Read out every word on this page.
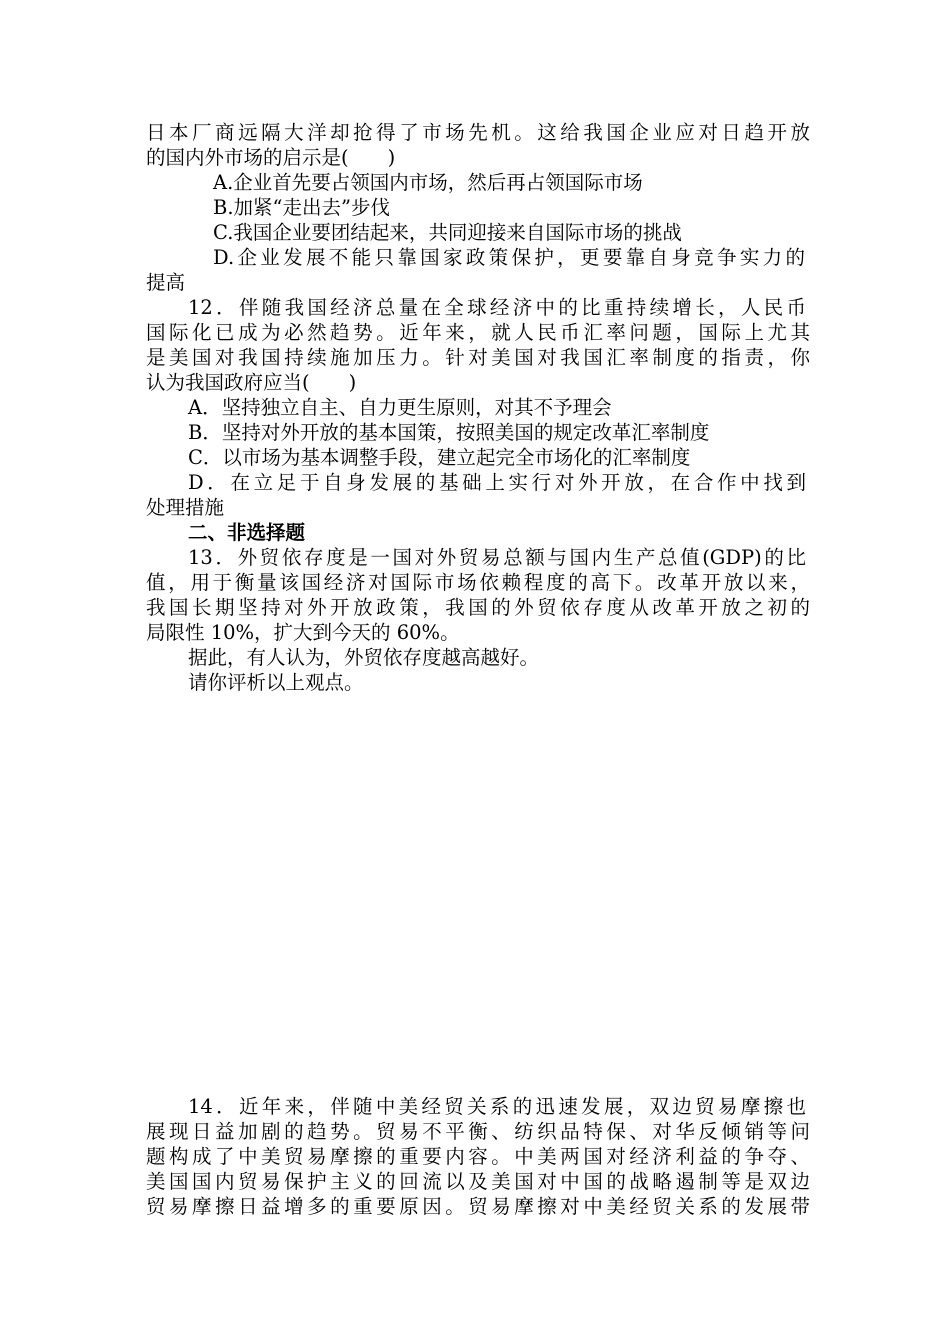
日本厂商远隔大洋却抢得了市场先机。这给我国企业应对日趋开放
的国内外市场的启示是(　　)
A.企业首先要占领国内市场，然后再占领国际市场
B.加紧“走出去”步伐
C.我国企业要团结起来，共同迎接来自国际市场的挑战
D.企业发展不能只靠国家政策保护，更要靠自身竞争实力的
提高
12．伴随我国经济总量在全球经济中的比重持续增长，人民币
国际化已成为必然趋势。近年来，就人民币汇率问题，国际上尤其
是美国对我国持续施加压力。针对美国对我国汇率制度的指责，你
认为我国政府应当(　　)
A．坚持独立自主、自力更生原则，对其不予理会
B．坚持对外开放的基本国策，按照美国的规定改革汇率制度
C．以市场为基本调整手段，建立起完全市场化的汇率制度
D．在立足于自身发展的基础上实行对外开放，在合作中找到
处理措施
二、非选择题
13．外贸依存度是一国对外贸易总额与国内生产总值(GDP)的比
值，用于衡量该国经济对国际市场依赖程度的高下。改革开放以来，
我国长期坚持对外开放政策，我国的外贸依存度从改革开放之初的
局限性 10%，扩大到今天的 60%。
据此，有人认为，外贸依存度越高越好。
请你评析以上观点。
14．近年来，伴随中美经贸关系的迅速发展，双边贸易摩擦也
展现日益加剧的趋势。贸易不平衡、纺织品特保、对华反倾销等问
题构成了中美贸易摩擦的重要内容。中美两国对经济利益的争夺、
美国国内贸易保护主义的回流以及美国对中国的战略遏制等是双边
贸易摩擦日益增多的重要原因。贸易摩擦对中美经贸关系的发展带
